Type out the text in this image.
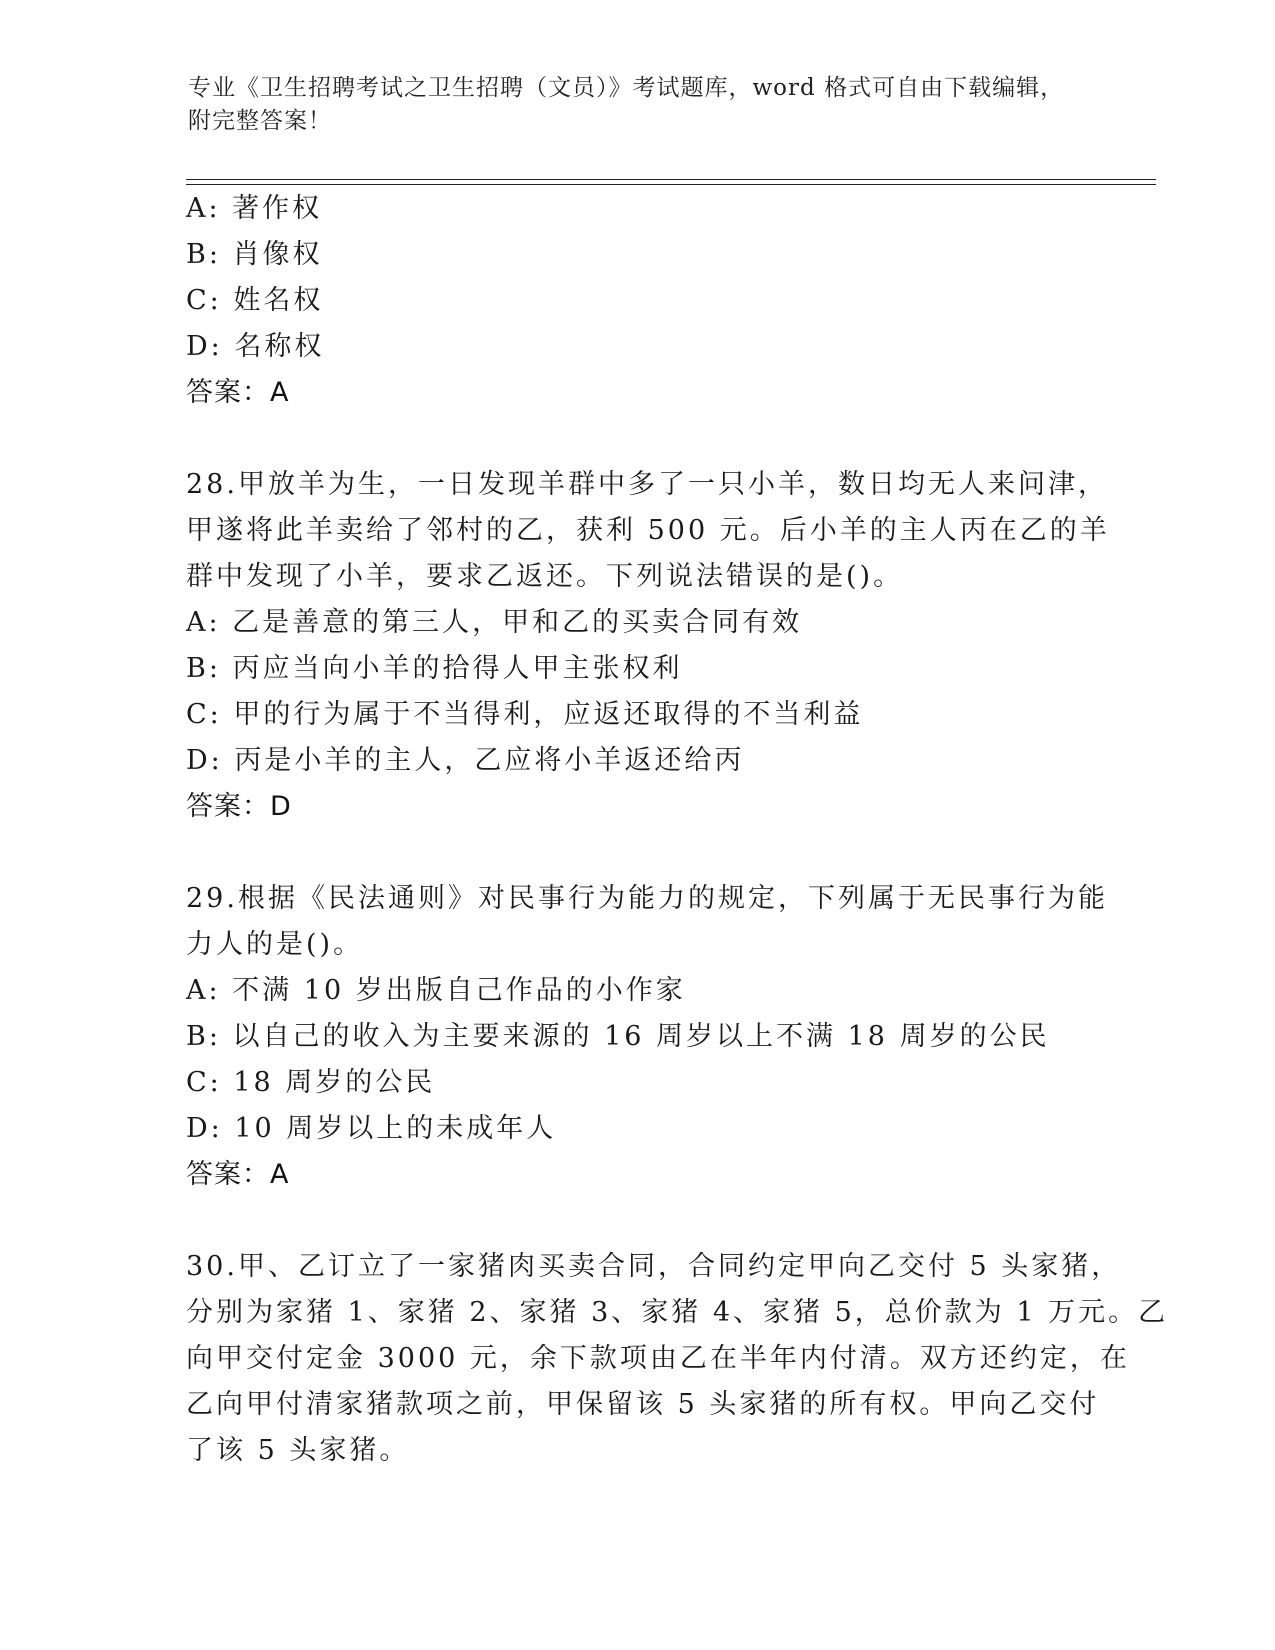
专业《卫生招聘考试之卫生招聘（文员）》考试题库，word 格式可自由下载编辑，附完整答案！
A: 著作权
B: 肖像权
C: 姓名权
D: 名称权
答案：A
28.甲放羊为生，一日发现羊群中多了一只小羊，数日均无人来问津，
甲遂将此羊卖给了邻村的乙，获利 500 元。后小羊的主人丙在乙的羊
群中发现了小羊，要求乙返还。下列说法错误的是()。
A: 乙是善意的第三人，甲和乙的买卖合同有效
B: 丙应当向小羊的拾得人甲主张权利
C: 甲的行为属于不当得利，应返还取得的不当利益
D: 丙是小羊的主人，乙应将小羊返还给丙
答案：D
29.根据《民法通则》对民事行为能力的规定，下列属于无民事行为能
力人的是()。
A: 不满 10 岁出版自己作品的小作家
B: 以自己的收入为主要来源的 16 周岁以上不满 18 周岁的公民
C: 18 周岁的公民
D: 10 周岁以上的未成年人
答案：A
30.甲、乙订立了一家猪肉买卖合同，合同约定甲向乙交付 5 头家猪，
分别为家猪 1、家猪 2、家猪 3、家猪 4、家猪 5，总价款为 1 万元。乙
向甲交付定金 3000 元，余下款项由乙在半年内付清。双方还约定，在
乙向甲付清家猪款项之前，甲保留该 5 头家猪的所有权。甲向乙交付
了该 5 头家猪。
